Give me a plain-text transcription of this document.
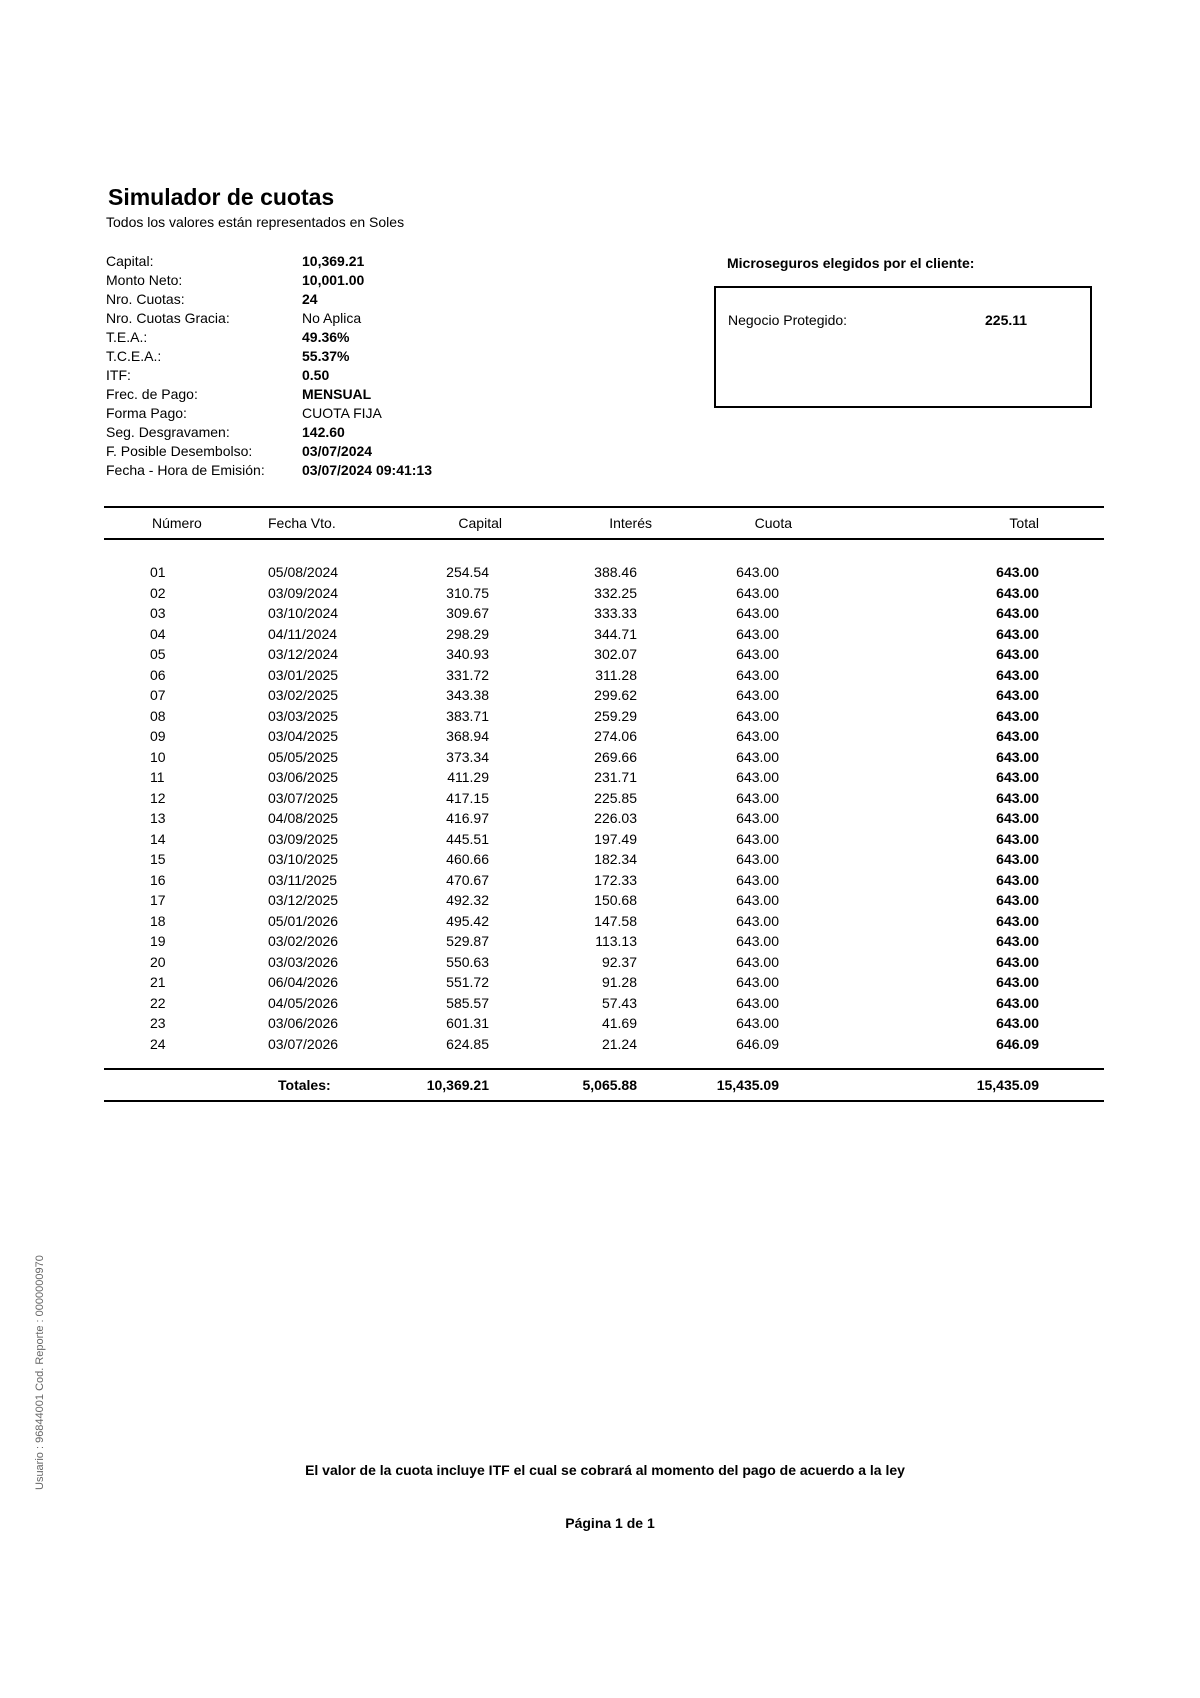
Simulador de cuotas
Todos los valores están representados en Soles
Capital:	10,369.21
Monto Neto:	10,001.00
Nro. Cuotas:	24
Nro. Cuotas Gracia:	No Aplica
T.E.A.:	49.36%
T.C.E.A.:	55.37%
ITF:	0.50
Frec. de Pago:	MENSUAL
Forma Pago:	CUOTA FIJA
Seg. Desgravamen:	142.60
F. Posible Desembolso:	03/07/2024
Fecha - Hora de Emisión:	03/07/2024 09:41:13
Microseguros elegidos por el cliente:
Negocio Protegido:	225.11
Número	Fecha Vto.	Capital	Interés	Cuota	Total
01	05/08/2024	254.54	388.46	643.00	643.00
02	03/09/2024	310.75	332.25	643.00	643.00
03	03/10/2024	309.67	333.33	643.00	643.00
04	04/11/2024	298.29	344.71	643.00	643.00
05	03/12/2024	340.93	302.07	643.00	643.00
06	03/01/2025	331.72	311.28	643.00	643.00
07	03/02/2025	343.38	299.62	643.00	643.00
08	03/03/2025	383.71	259.29	643.00	643.00
09	03/04/2025	368.94	274.06	643.00	643.00
10	05/05/2025	373.34	269.66	643.00	643.00
11	03/06/2025	411.29	231.71	643.00	643.00
12	03/07/2025	417.15	225.85	643.00	643.00
13	04/08/2025	416.97	226.03	643.00	643.00
14	03/09/2025	445.51	197.49	643.00	643.00
15	03/10/2025	460.66	182.34	643.00	643.00
16	03/11/2025	470.67	172.33	643.00	643.00
17	03/12/2025	492.32	150.68	643.00	643.00
18	05/01/2026	495.42	147.58	643.00	643.00
19	03/02/2026	529.87	113.13	643.00	643.00
20	03/03/2026	550.63	92.37	643.00	643.00
21	06/04/2026	551.72	91.28	643.00	643.00
22	04/05/2026	585.57	57.43	643.00	643.00
23	03/06/2026	601.31	41.69	643.00	643.00
24	03/07/2026	624.85	21.24	646.09	646.09
Totales:	10,369.21	5,065.88	15,435.09	15,435.09
El valor de la cuota incluye ITF el cual se cobrará al momento del pago de acuerdo a la ley
Página 1 de 1
Usuario : 96844001 Cod. Reporte : 0000000970
